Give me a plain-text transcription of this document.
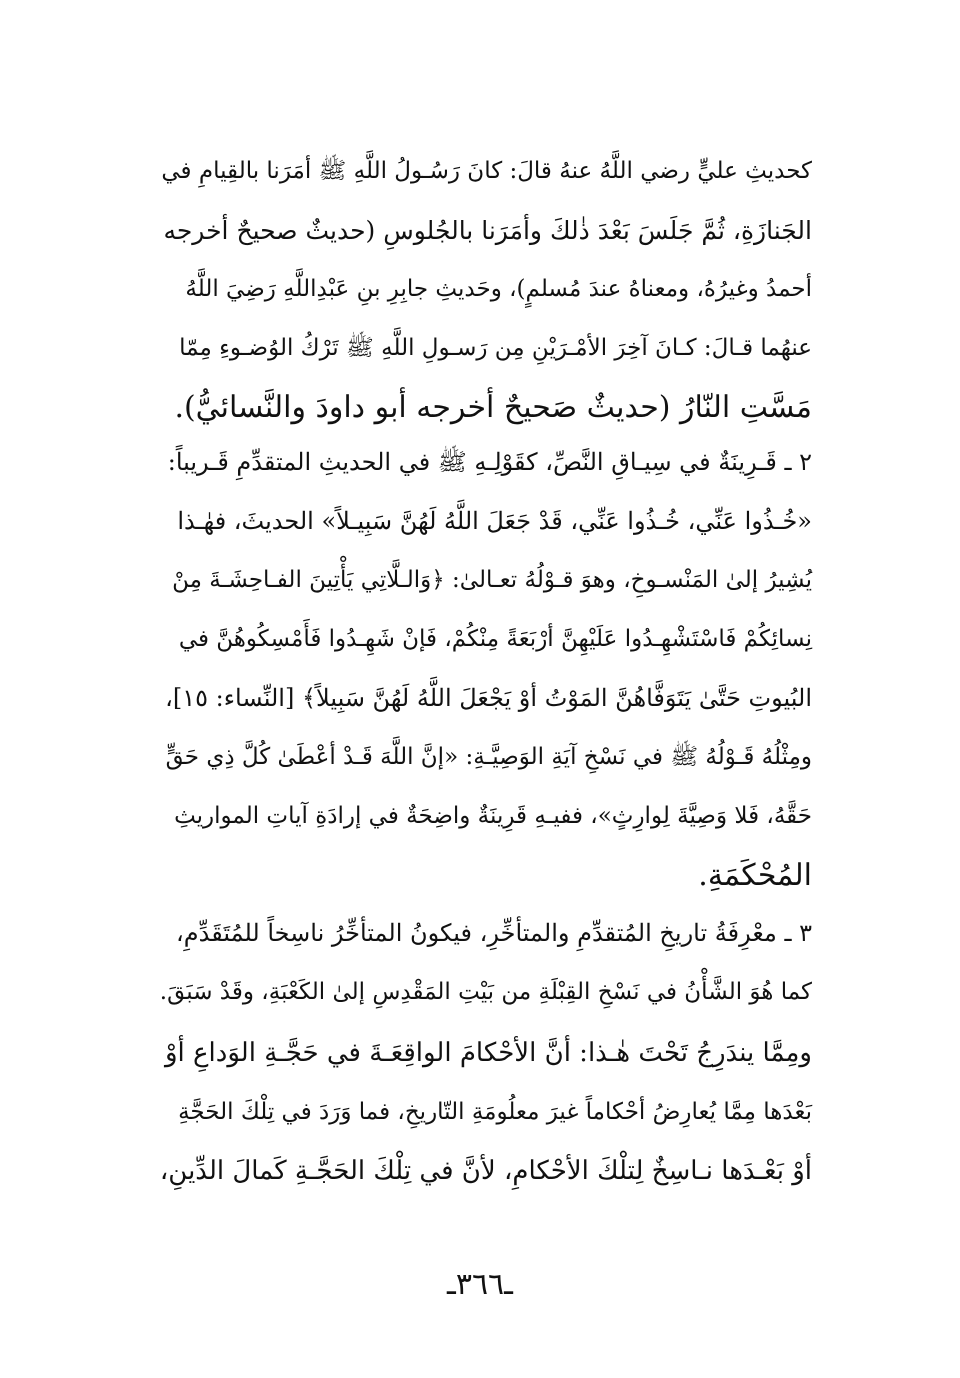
كحديثِ عليٍّ رضي اللَّهُ عنهُ قالَ: كانَ رَسُـولُ اللَّهِ ﷺ أمَرَنا بالقِيامِ في
الجَنازَةِ، ثُمَّ جَلَسَ بَعْدَ ذٰلكَ وأمَرَنا بالجُلوسِ (حديثٌ صحيحٌ أخرجه
أحمدُ وغيرُهُ، ومعناهُ عندَ مُسلمٍ)، وحَديثِ جابِرِ بنِ عَبْدِاللَّهِ رَضِيَ اللَّهُ
عنهُما قـالَ: كـانَ آخِرَ الأمْـرَيْنِ مِن رَسـولِ اللَّهِ ﷺ تَرْكُ الوُضـوءِ مِمّا
مَسَّتِ النّارُ (حديثٌ صَحيحٌ أخرجه أبو داودَ والنَّسائيُّ).
٢ ـ قَـرِينَةٌ في سِيـاقِ النَّصِّ، كقَوْلِـهِ ﷺ في الحديثِ المتقدِّمِ قَـريباً:
«خُـذُوا عَنِّي، خُـذُوا عَنِّي، قَدْ جَعَلَ اللَّهُ لَهُنَّ سَبِيـلاً» الحديثَ، فهٰـذا
يُشِيرُ إلىٰ المَنْسـوخِ، وهوَ قـوْلُهُ تعـالىٰ: ﴿وَالـلَّاتِي يَأْتِينَ الفـاحِشَـةَ مِنْ
نِسائِكُمْ فَاسْتَشْهِـدُوا عَلَيْهِنَّ أرْبَعَةً مِنْكُمْ، فَإنْ شَهِـدُوا فَأَمْسِكُوهُنَّ في
البُيوتِ حَتَّىٰ يَتَوَفَّاهُنَّ المَوْتُ أوْ يَجْعَلَ اللَّهُ لَهُنَّ سَبِيلاً﴾ [النِّساء: ١٥]،
ومِثْلُهُ قَـوْلُهُ ﷺ في نَسْخِ آيَةِ الوَصِيَّـةِ: «إنَّ اللَّهَ قَـدْ أعْطَىٰ كُلَّ ذِي حَقٍّ
حَقَّهُ، فَلا وَصِيَّةَ لِوارِثٍ»، ففيـهِ قَرِينَةٌ واضِحَةٌ في إرادَةِ آياتِ المواريثِ
المُحْكَمَةِ.
٣ ـ معْرِفَةُ تاريخِ المُتقدِّمِ والمتأخِّرِ، فيكونُ المتأخِّرُ ناسِخاً للمُتَقَدِّمِ،
كما هُوَ الشَّأْنُ في نَسْخِ القِبْلَةِ من بَيْتِ المَقْدِسِ إلىٰ الكَعْبَةِ، وقَدْ سَبَقَ.
ومِمَّا يندَرِجُ تَحْتَ هٰـذا: أنَّ الأحْكامَ الواقِعَـةَ في حَجَّـةِ الوَداعِ أوْ
بَعْدَها مِمَّا يُعارِضُ أحْكاماً غيرَ معلُومَةِ التّاريخِ، فما وَرَدَ في تِلْكَ الحَجَّةِ
أوْ بَعْـدَها نـاسِخٌ لِتلْكَ الأحْكامِ، لأنَّ في تِلْكَ الحَجَّـةِ كَمالَ الدِّينِ،
ـ٣٦٦ـ
